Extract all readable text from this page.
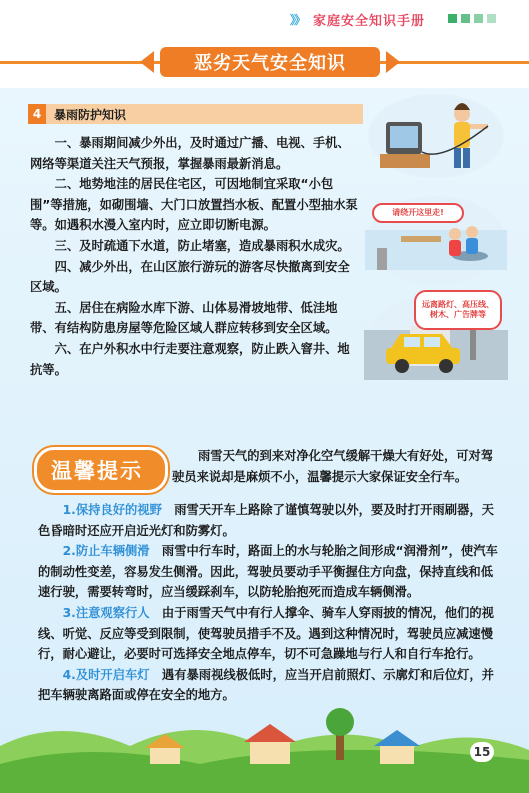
》》 家庭安全知识手册
恶劣天气安全知识
4	暴雨防护知识

一、暴雨期间减少外出，及时通过广播、电视、手机、网络等渠道关注天气预报，掌握暴雨最新消息。

二、地势地洼的居民住宅区，可因地制宜采取“小包围”等措施，如砌围墙、大门口放置挡水板、配置小型抽水泵等。如遇积水漫入室内时，应立即切断电源。

三、及时疏通下水道，防止堵塞，造成暴雨积水成灾。

四、减少外出，在山区旅行游玩的游客尽快撤离到安全区域。

五、居住在病险水库下游、山体易滑坡地带、低洼地带、有结构防患房屋等危险区域人群应转移到安全区域。

六、在户外积水中行走要注意观察，防止跌入窨井、地抗等。

请绕开这里走!
远离路灯、高压线、树木、广告牌等
温馨提示
雨雪天气的到来对净化空气缓解干燥大有好处，可对驾驶员来说却是麻烦不小，温馨提示大家保证安全行车。

1.保持良好的视野  雨雪天开车上路除了谨慎驾驶以外，要及时打开雨刷器，天色昏暗时还应开启近光灯和防雾灯。

2.防止车辆侧滑  雨雪中行车时，路面上的水与轮胎之间形成“润滑剂”，使汽车的制动性变差，容易发生侧滑。因此，驾驶员要动手平衡握住方向盘，保持直线和低速行驶，需要转弯时，应当缓踩刹车，以防轮胎抱死而造成车辆侧滑。

3.注意观察行人  由于雨雪天气中有行人撑伞、骑车人穿雨披的情况，他们的视线、听觉、反应等受到限制，使驾驶员措手不及。遇到这种情况时，驾驶员应减速慢行，耐心避让，必要时可选择安全地点停车，切不可急躁地与行人和自行车抢行。

4.及时开启车灯  遇有暴雨视线极低时，应当开启前照灯、示廓灯和后位灯，并把车辆驶离路面或停在安全的地方。

15
